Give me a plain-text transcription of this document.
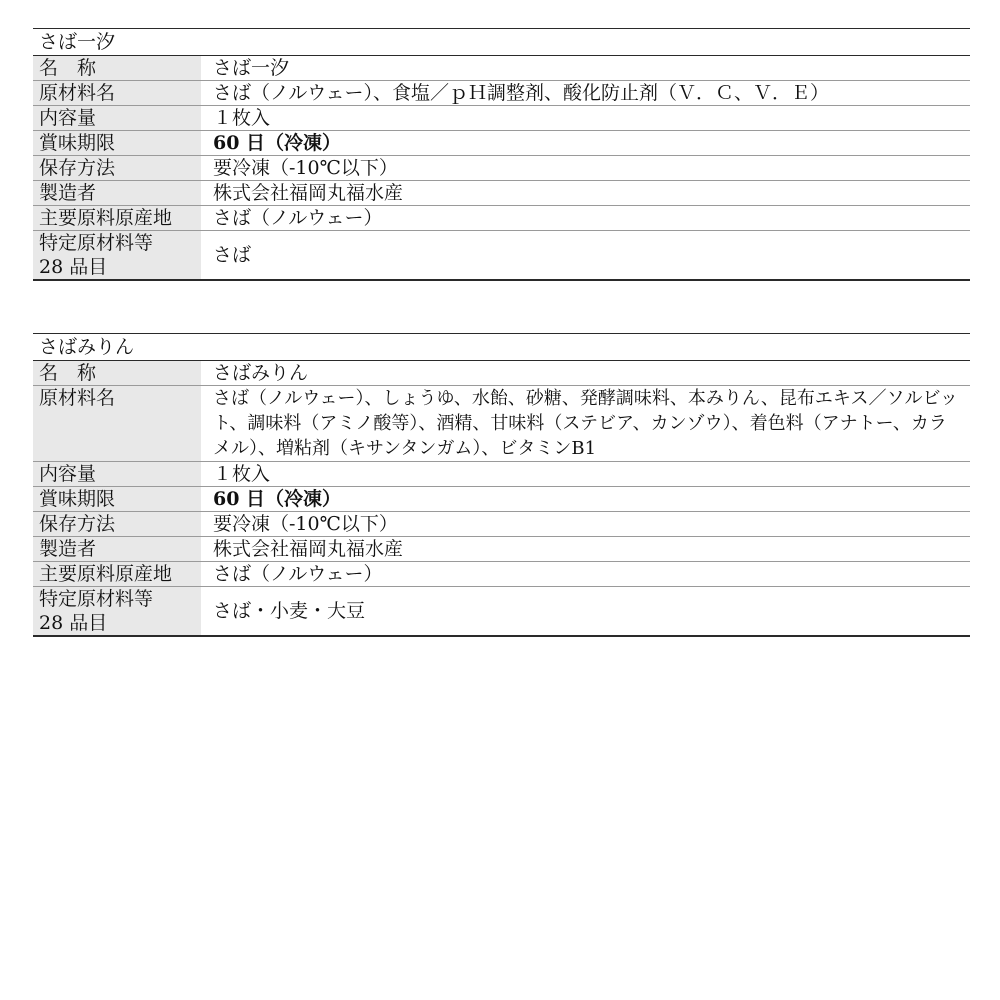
さば一汐
名　称	さば一汐
原材料名	さば（ノルウェー）、食塩／ｐＨ調整剤、酸化防止剤（Ｖ．Ｃ、Ｖ．Ｅ）
内容量	１枚入
賞味期限	60 日（冷凍）
保存方法	要冷凍（-10℃以下）
製造者	株式会社福岡丸福水産
主要原料原産地	さば（ノルウェー）

特定原材料等
28 品目	さば
さばみりん
名　称	さばみりん
原材料名	さば（ノルウェー）、しょうゆ、水飴、砂糖、発酵調味料、本みりん、昆布エキス／ソルビット、調味料（アミノ酸等）、酒精、甘味料（ステビア、カンゾウ）、着色料（アナトー、カラメル）、増粘剤（キサンタンガム）、ビタミンB1
内容量	１枚入
賞味期限	60 日（冷凍）
保存方法	要冷凍（-10℃以下）
製造者	株式会社福岡丸福水産
主要原料原産地	さば（ノルウェー）

特定原材料等
28 品目	さば・小麦・大豆
